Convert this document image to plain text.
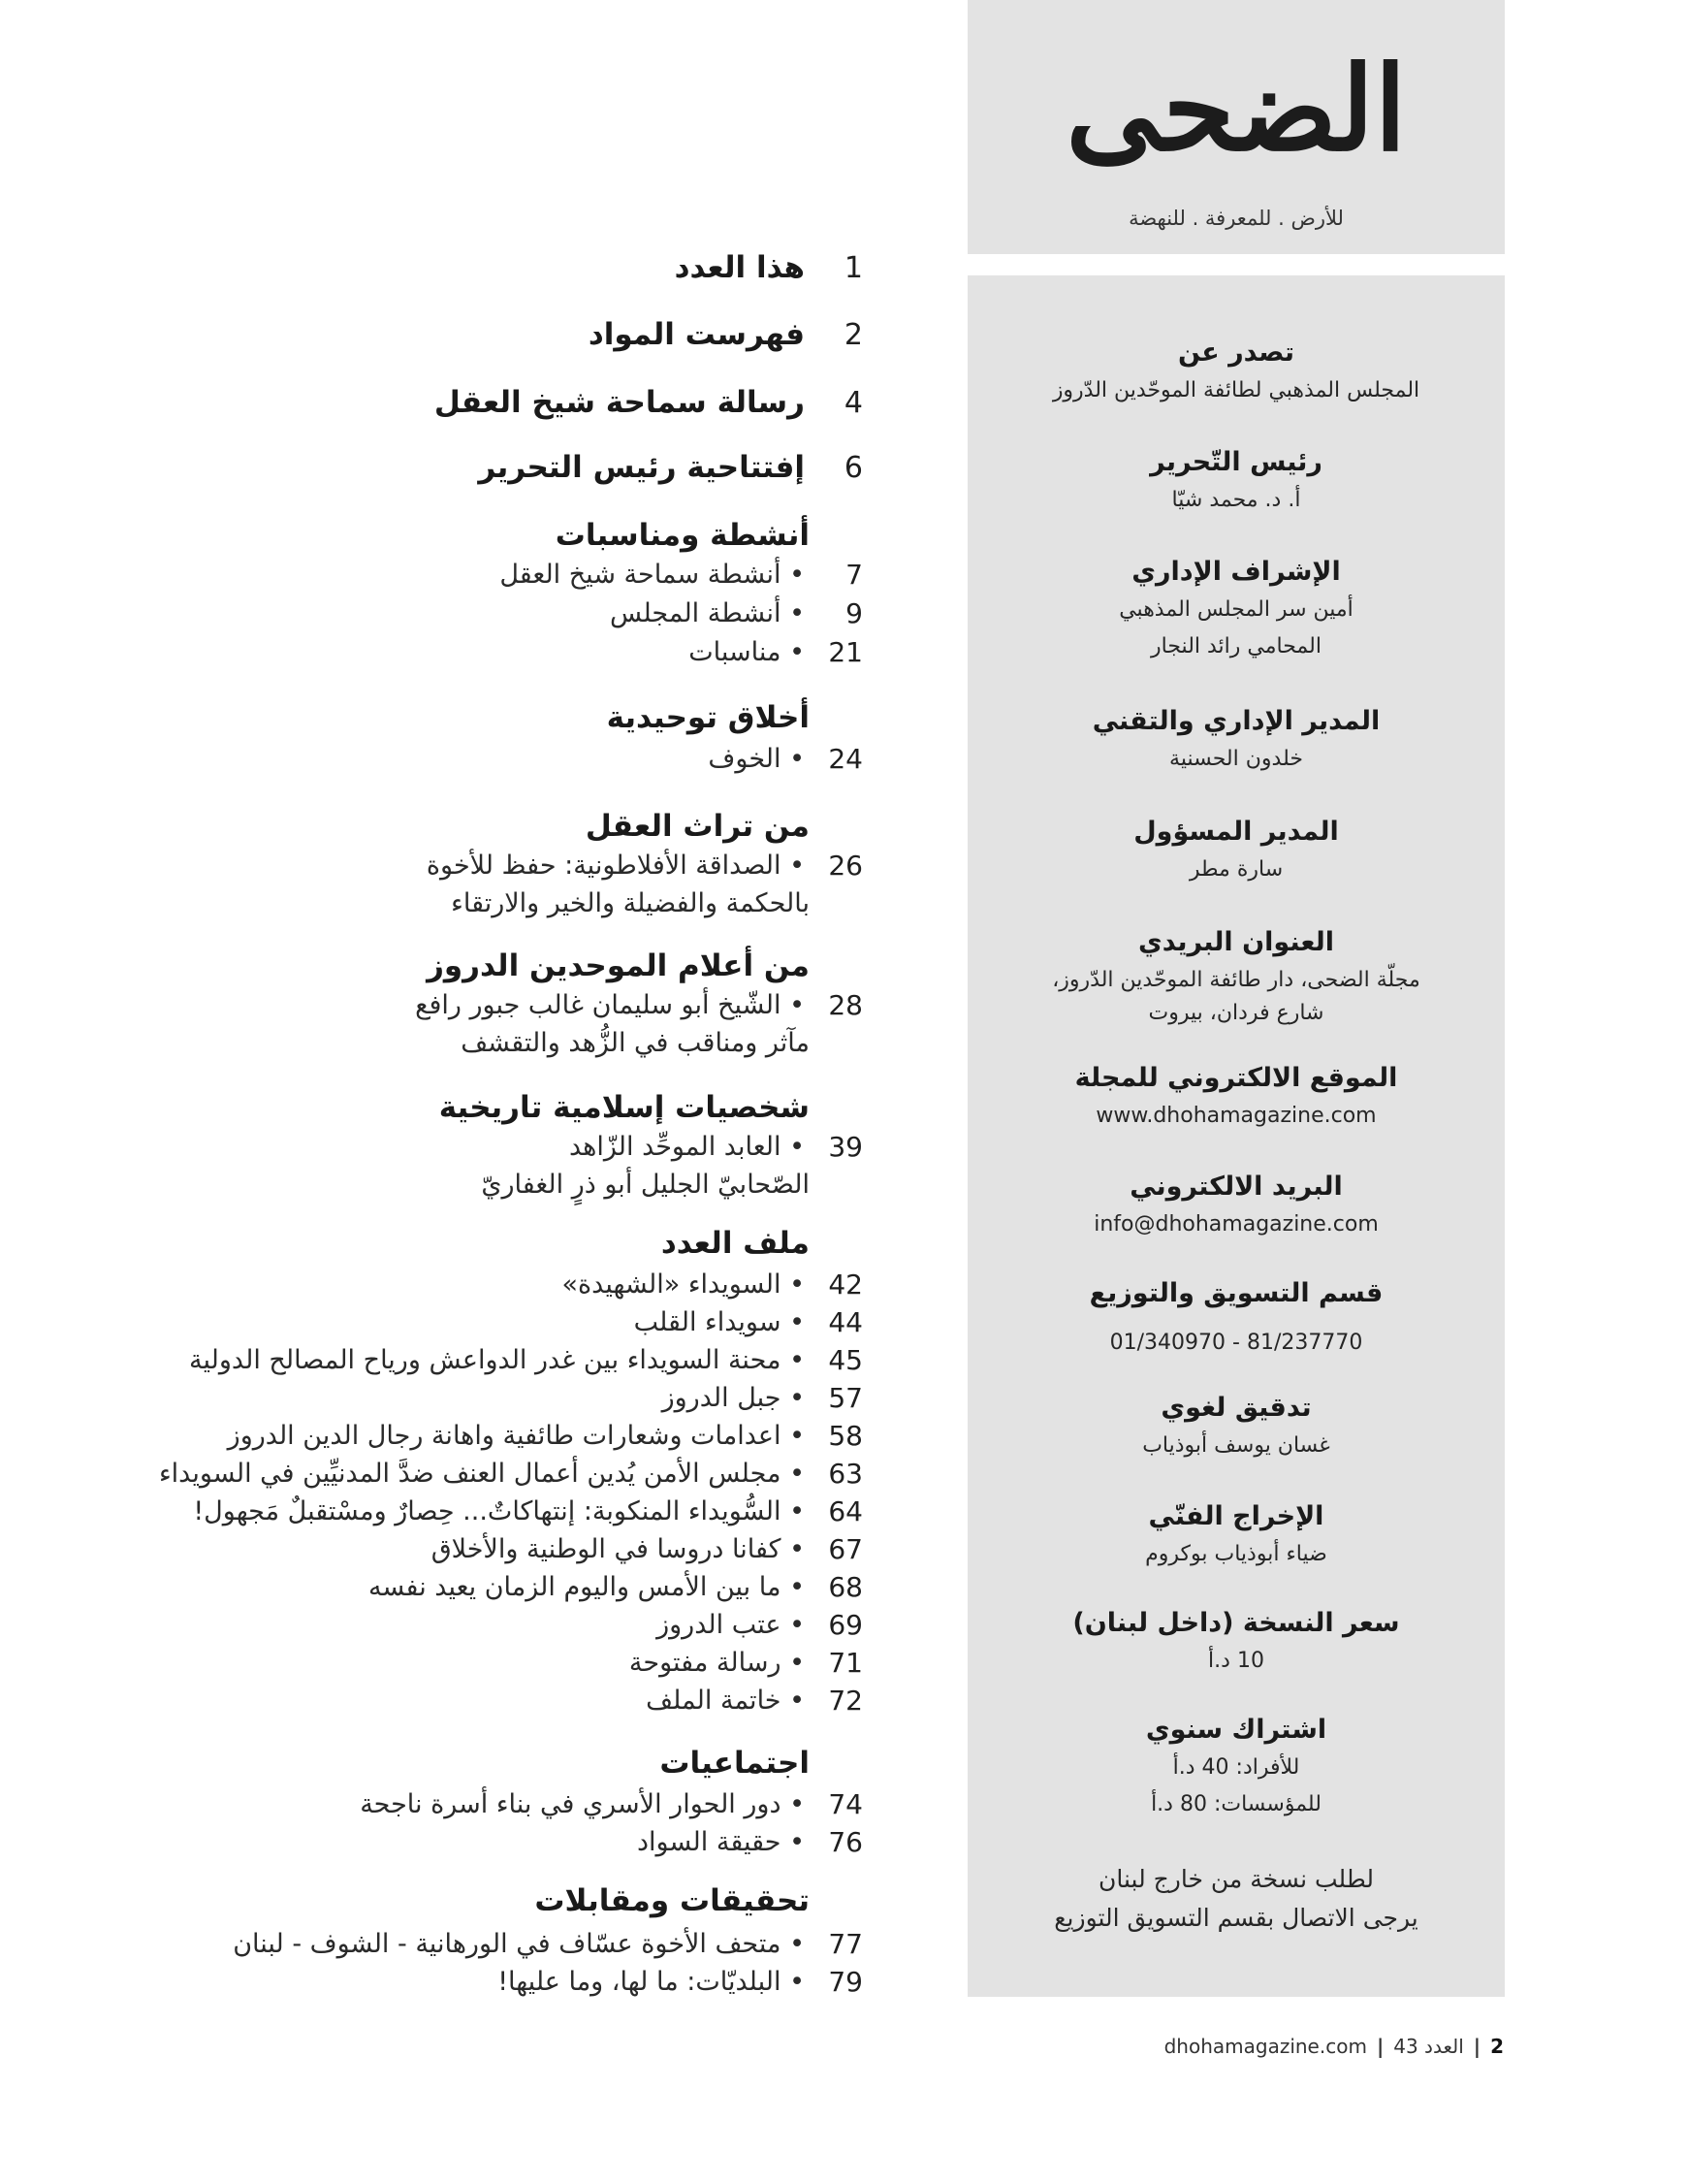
الضحى
للأرض . للمعرفة . للنهضة
تصدر عن
المجلس المذهبي لطائفة الموحّدين الدّروز
رئيس التّحرير
أ. د. محمد شيّا
الإشراف الإداري
أمين سر المجلس المذهبي
المحامي رائد النجار
المدير الإداري والتقني
خلدون الحسنية
المدير المسؤول
سارة مطر
العنوان البريدي
مجلّة الضحى، دار طائفة الموحّدين الدّروز،
شارع فردان، بيروت
الموقع الالكتروني للمجلة
www.dhohamagazine.com
البريد الالكتروني
info@dhohamagazine.com
قسم التسويق والتوزيع
01/340970 - 81/237770
تدقيق لغوي
غسان يوسف أبوذياب
الإخراج الفنّي
ضياء أبوذياب بوكروم
سعر النسخة (داخل لبنان)
10 د.أ
اشتراك سنوي
للأفراد: 40 د.أ
للمؤسسات: 80 د.أ
لطلب نسخة من خارج لبنان
يرجى الاتصال بقسم التسويق التوزيع
1
هذا العدد
2
فهرست المواد
4
رسالة سماحة شيخ العقل
6
إفتتاحية رئيس التحرير
أنشطة ومناسبات
7
• أنشطة سماحة شيخ العقل
9
• أنشطة المجلس
21
• مناسبات
أخلاق توحيدية
24
• الخوف
من تراث العقل
26
• الصداقة الأفلاطونية: حفظ للأخوة
بالحكمة والفضيلة والخير والارتقاء
من أعلام الموحدين الدروز
28
• الشّيخ أبو سليمان غالب جبور رافع
مآثر ومناقب في الزُّهد والتقشف
شخصيات إسلامية تاريخية
39
• العابد الموحِّد الزّاهد
الصّحابيّ الجليل أبو ذرٍ الغفاريّ
ملف العدد
42
• السويداء «الشهيدة»
44
• سويداء القلب
45
• محنة السويداء بين غدر الدواعش ورياح المصالح الدولية
57
• جبل الدروز
58
• اعدامات وشعارات طائفية واهانة رجال الدين الدروز
63
• مجلس الأمن يُدين أعمال العنف ضدَّ المدنيِّين في السويداء
64
• السُّويداء المنكوبة: إنتهاكاتٌ... حِصارٌ ومسْتقبلٌ مَجهول!
67
• كفانا دروسا في الوطنية والأخلاق
68
• ما بين الأمس واليوم الزمان يعيد نفسه
69
• عتب الدروز
71
• رسالة مفتوحة
72
• خاتمة الملف
اجتماعيات
74
• دور الحوار الأسري في بناء أسرة ناجحة
76
• حقيقة السواد
تحقيقات ومقابلات
77
• متحف الأخوة عسّاف في الورهانية - الشوف - لبنان
79
• البلديّات: ما لها، وما عليها!
dhohamagazine.com | العدد 43 | 2
